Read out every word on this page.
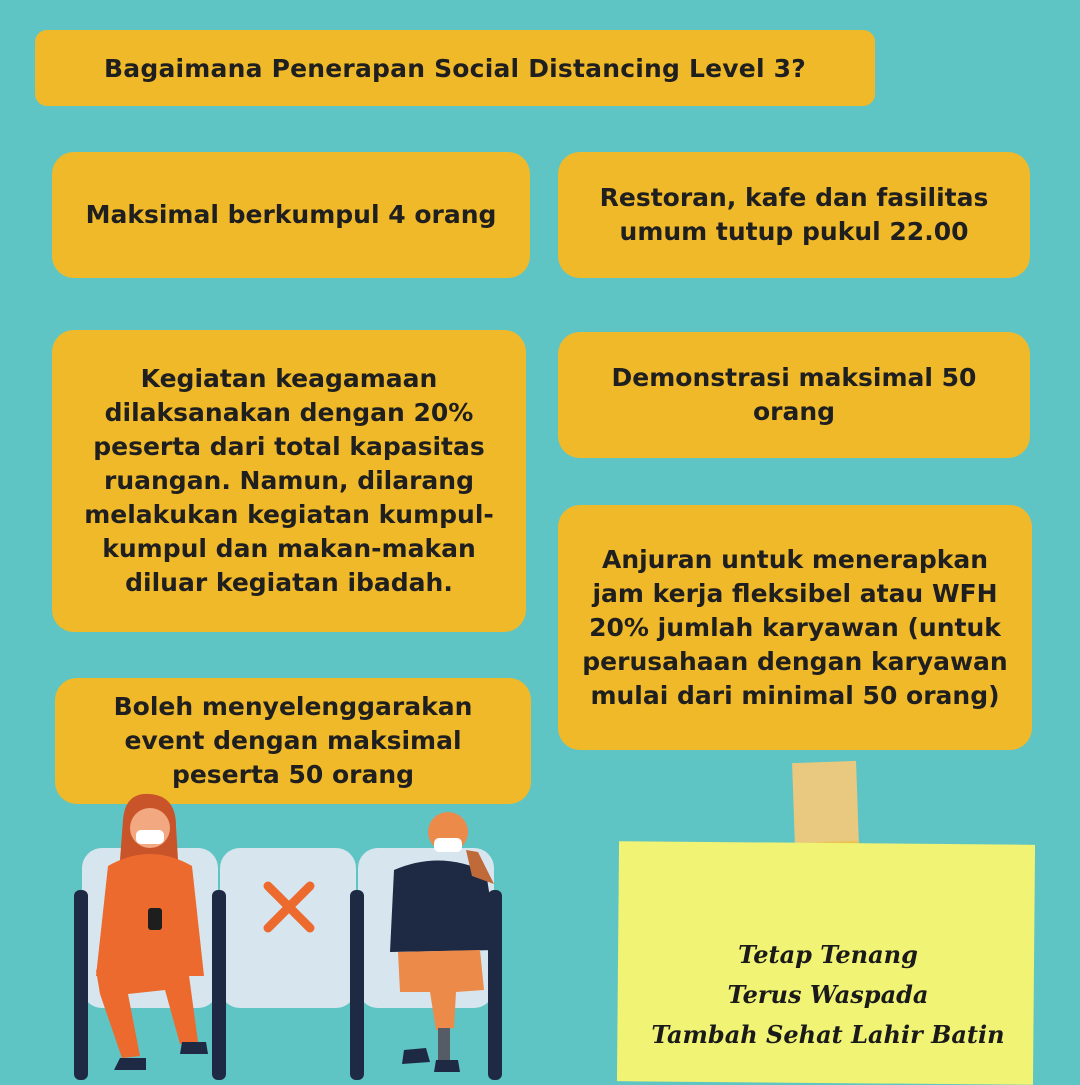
Bagaimana Penerapan Social Distancing Level 3?
Maksimal berkumpul 4 orang
Restoran, kafe dan fasilitas umum tutup pukul 22.00
Kegiatan keagamaan dilaksanakan dengan 20% peserta dari total kapasitas ruangan. Namun, dilarang melakukan kegiatan kumpul-kumpul dan makan-makan diluar kegiatan ibadah.
Demonstrasi maksimal 50 orang
Anjuran untuk menerapkan jam kerja fleksibel atau WFH 20% jumlah karyawan (untuk perusahaan dengan karyawan mulai dari minimal 50 orang)
Boleh menyelenggarakan event dengan maksimal peserta 50 orang
Tetap Tenang
Terus Waspada
Tambah Sehat Lahir Batin
